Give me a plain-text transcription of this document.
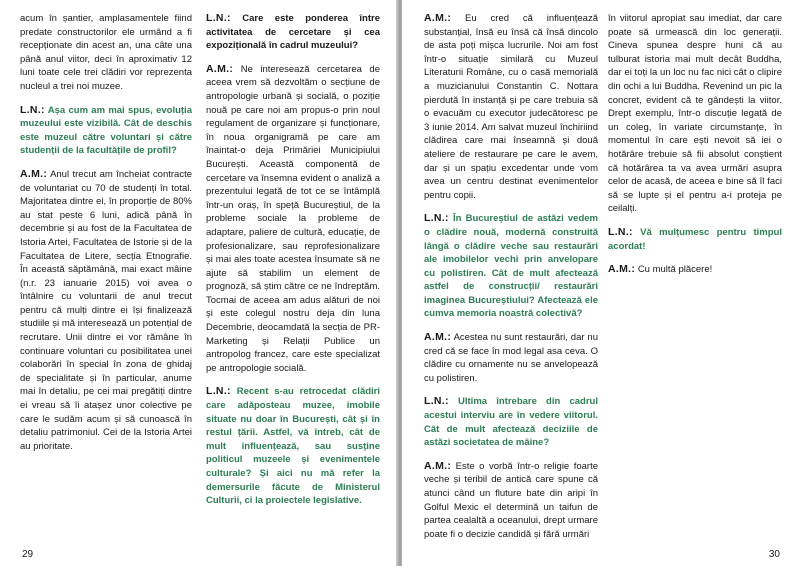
acum în șantier, amplasamentele fiind predate constructorilor ele urmând a fi recepționate din acest an, una câte una până anul viitor, deci în aproximativ 12 luni toate cele trei clădiri vor reprezenta nucleul a trei noi muzee.

L.N.: Așa cum am mai spus, evoluția muzeului este vizibilă. Cât de deschis este muzeul către voluntari și către studenții de la facultățile de profil?

A.M.: Anul trecut am încheiat contracte de voluntariat cu 70 de studenți în total. Majoritatea dintre ei, în proporție de 80% au stat peste 6 luni, adică până în decembrie și au fost de la Facultatea de Istoria Artei, Facultatea de Istorie și de la Facultatea de Litere, secția Etnografie. În această săptămână, mai exact mâine (n.r. 23 ianuarie 2015) voi avea o întâlnire cu voluntarii de anul trecut pentru că mulți dintre ei își finalizează studiile și mă interesează un potențial de recrutare. Unii dintre ei vor rămâne în continuare voluntari cu posibilitatea unei colaborări în special în zona de ghidaj de specialitate și în particular, anume mai în detaliu, pe cei mai pregătiți dintre ei vreau să îi atașez unor colective pe care le sudăm acum și să cunoască în detaliu patrimoniul. Cei de la Istoria Artei au prioritate.

L.N.: Care este ponderea între activitatea de cercetare și cea expozițională în cadrul muzeului?

A.M.: Ne interesează cercetarea de aceea vrem să dezvoltăm o secțiune de antropologie urbană și socială, o poziție nouă pe care noi am propus-o prin noul regulament de organizare și funcționare, în noua organigramă pe care am înaintat-o deja Primăriei Municipiului București. Această componentă de cercetare va însemna evident o analiză a prezentului legată de tot ce se întâmplă într-un oraș, în speță Bucureștiul, de la probleme sociale la probleme de adaptare, paliere de cultură, educație, de profesionalizare, sau reprofesionalizare și mai ales toate acestea însumate să ne ajute să stabilim un element de prognoză, să știm către ce ne îndreptăm. Tocmai de aceea am adus alături de noi și este colegul nostru deja din luna Decembrie, deocamdată la secția de PR-Marketing și Relații Publice un antropolog francez, care este specializat pe antropologie socială.

L.N.: Recent s-au retrocedat clădiri care adăposteau muzee, imobile situate nu doar în București, cât și în restul țării. Astfel, vă întreb, cât de mult influențează, sau susține politicul muzeele și evenimentele culturale? Și aici nu mă refer la demersurile făcute de Ministerul Culturii, ci la proiectele legislative.

29

A.M.: Eu cred că influențează substanțial, însă eu însă că însă dincolo de asta poți mișca lucrurile. Noi am fost într-o situație similară cu Muzeul Literaturii Române, cu o casă memorială a muzicianului Constantin C. Nottara pierdută în instanță și pe care trebuia să o evacuăm cu executor judecătoresc pe 3 iunie 2014. Am salvat muzeul închiriind clădirea care mai înseamnă și două ateliere de restaurare pe care le avem, dar și un spațiu excedentar unde vom avea un centru destinat evenimentelor pentru copii.

L.N.: În Bucureștiul de astăzi vedem o clădire nouă, modernă construită lângă o clădire veche sau restaurări ale imobilelor vechi prin anvelopare cu polistiren. Cât de mult afectează astfel de construcții/ restaurări imaginea Bucureștiului? Afectează ele cumva memoria noastră colectivă?

A.M.: Acestea nu sunt restaurări, dar nu cred că se face în mod legal asa ceva. O clădire cu ornamente nu se anvelopează cu polistiren.

L.N.: Ultima întrebare din cadrul acestui interviu are în vedere viitorul. Cât de mult afectează deciziile de astăzi societatea de mâine?

A.M.: Este o vorbă într-o religie foarte veche și teribil de antică care spune că atunci când un fluture bate din aripi în Golful Mexic el determină un taifun de partea cealaltă a oceanului, drept urmare poate fi o decizie candidă și fără urmări

în viitorul apropiat sau imediat, dar care poate să urmească din loc generații. Cineva spunea despre huni că au tulburat istoria mai mult decât Buddha, dar ei toți la un loc nu fac nici cât o clipire din ochi a lui Buddha. Revenind un pic la concret, evident că te gândești la viitor. Drept exemplu, într-o discuție legată de un coleg, în variate circumstanțe, în momentul în care ești nevoit să iei o hotărâre trebuie să fii absolut conștient că hotărârea ta va avea urmări asupra celor de acasă, de aceea e bine să îl faci să se lupte și el pentru a-i proteja pe ceilalți.

L.N.: Vă mulțumesc pentru timpul acordat!

A.M.: Cu multă plăcere!

30
